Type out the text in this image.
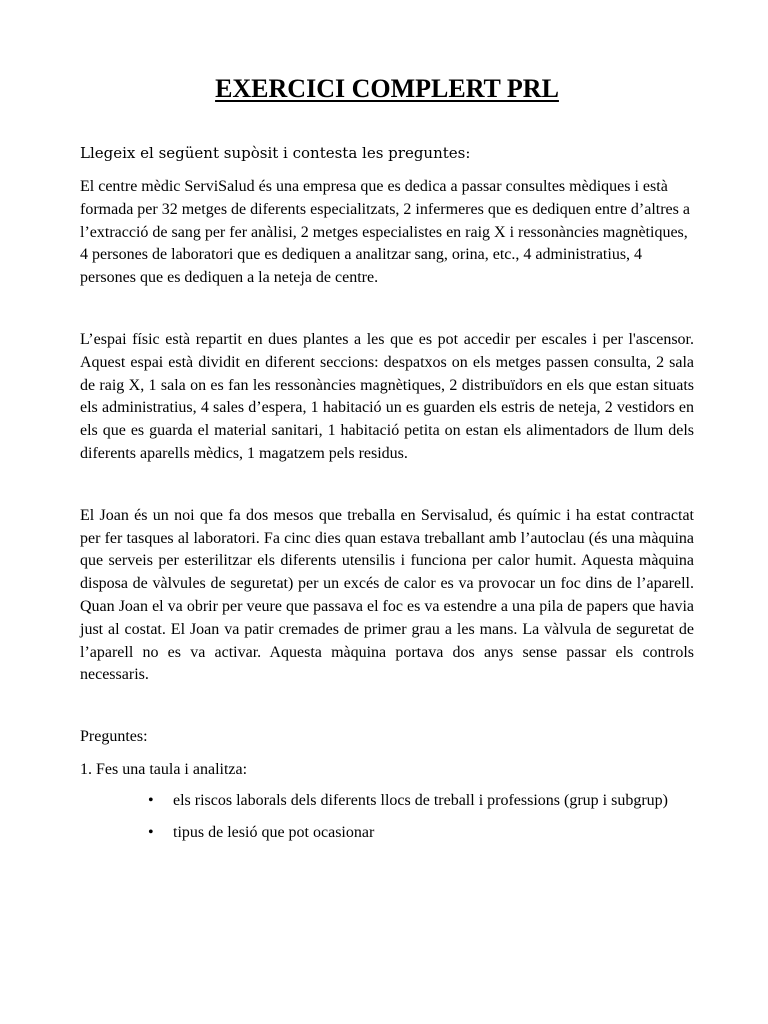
EXERCICI COMPLERT PRL

Llegeix el següent supòsit i contesta les preguntes:

El centre mèdic ServiSalud és una empresa que es dedica a passar consultes mèdiques i està formada per 32 metges de diferents especialitzats, 2 infermeres que es dediquen entre d’altres a l’extracció de sang per fer anàlisi, 2 metges especialistes en raig X i ressonàncies magnètiques, 4 persones de laboratori que es dediquen a analitzar sang, orina, etc., 4 administratius, 4 persones que es dediquen a la neteja de centre.

L’espai físic està repartit en dues plantes a les que es pot accedir per escales i per l'ascensor. Aquest espai està dividit en diferent seccions: despatxos on els metges passen consulta, 2 sala de raig X, 1 sala on es fan les ressonàncies magnètiques, 2 distribuïdors en els que estan situats els administratius, 4 sales d’espera, 1 habitació un es guarden els estris de neteja, 2 vestidors en els que es guarda el material sanitari, 1 habitació petita on estan els alimentadors de llum dels diferents aparells mèdics, 1 magatzem pels residus.

El Joan és un noi que fa dos mesos que treballa en Servisalud, és químic i ha estat contractat per fer tasques al laboratori. Fa cinc dies quan estava treballant amb l’autoclau (és una màquina que serveis per esterilitzar els diferents utensilis i funciona per calor humit. Aquesta màquina disposa de vàlvules de seguretat) per un excés de calor es va provocar un foc dins de l’aparell. Quan Joan el va obrir per veure que passava el foc es va estendre a una pila de papers que havia just al costat. El Joan va patir cremades de primer grau a les mans. La vàlvula de seguretat de l’aparell no es va activar. Aquesta màquina portava dos anys sense passar els controls necessaris.

Preguntes:

1. Fes una taula i analitza:

• els riscos laborals dels diferents llocs de treball i professions (grup i subgrup)
• tipus de lesió que pot ocasionar
